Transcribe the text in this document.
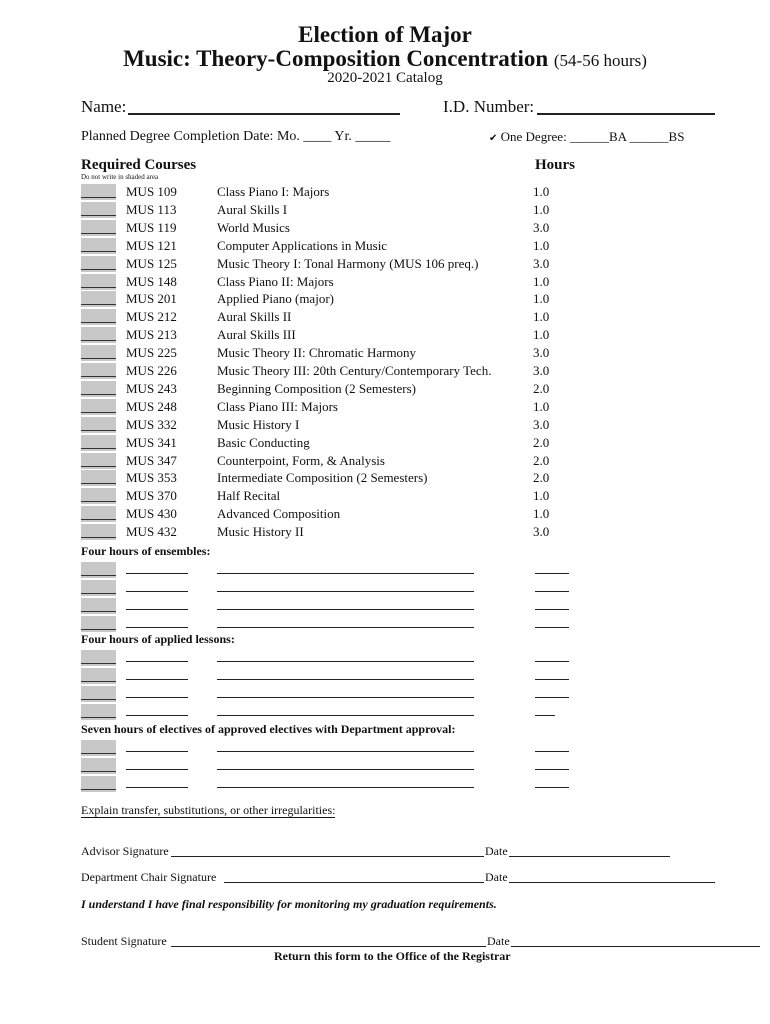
Election of Major
Music: Theory-Composition Concentration (54-56 hours)
2020-2021 Catalog
Name:	I.D. Number:
Planned Degree Completion Date: Mo. ____ Yr. _____	✔ One Degree: ______BA ______BS
Required Courses
Do not write in shaded area
Hours
MUS 109	Class Piano I: Majors	1.0
MUS 113	Aural Skills I	1.0
MUS 119	World Musics	3.0
MUS 121	Computer Applications in Music	1.0
MUS 125	Music Theory I: Tonal Harmony (MUS 106 preq.)	3.0
MUS 148	Class Piano II: Majors	1.0
MUS 201	Applied Piano (major)	1.0
MUS 212	Aural Skills II	1.0
MUS 213	Aural Skills III	1.0
MUS 225	Music Theory II: Chromatic Harmony	3.0
MUS 226	Music Theory III: 20th Century/Contemporary Tech.	3.0
MUS 243	Beginning Composition (2 Semesters)	2.0
MUS 248	Class Piano III: Majors	1.0
MUS 332	Music History I	3.0
MUS 341	Basic Conducting	2.0
MUS 347	Counterpoint, Form, & Analysis	2.0
MUS 353	Intermediate Composition (2 Semesters)	2.0
MUS 370	Half Recital	1.0
MUS 430	Advanced Composition	1.0
MUS 432	Music History II	3.0
Four hours of ensembles:
Four hours of applied lessons:
Seven hours of electives of approved electives with Department approval:
Explain transfer, substitutions, or other irregularities:
Advisor Signature	Date
Department Chair Signature	Date
I understand I have final responsibility for monitoring my graduation requirements.
Student Signature	Date
Return this form to the Office of the Registrar
